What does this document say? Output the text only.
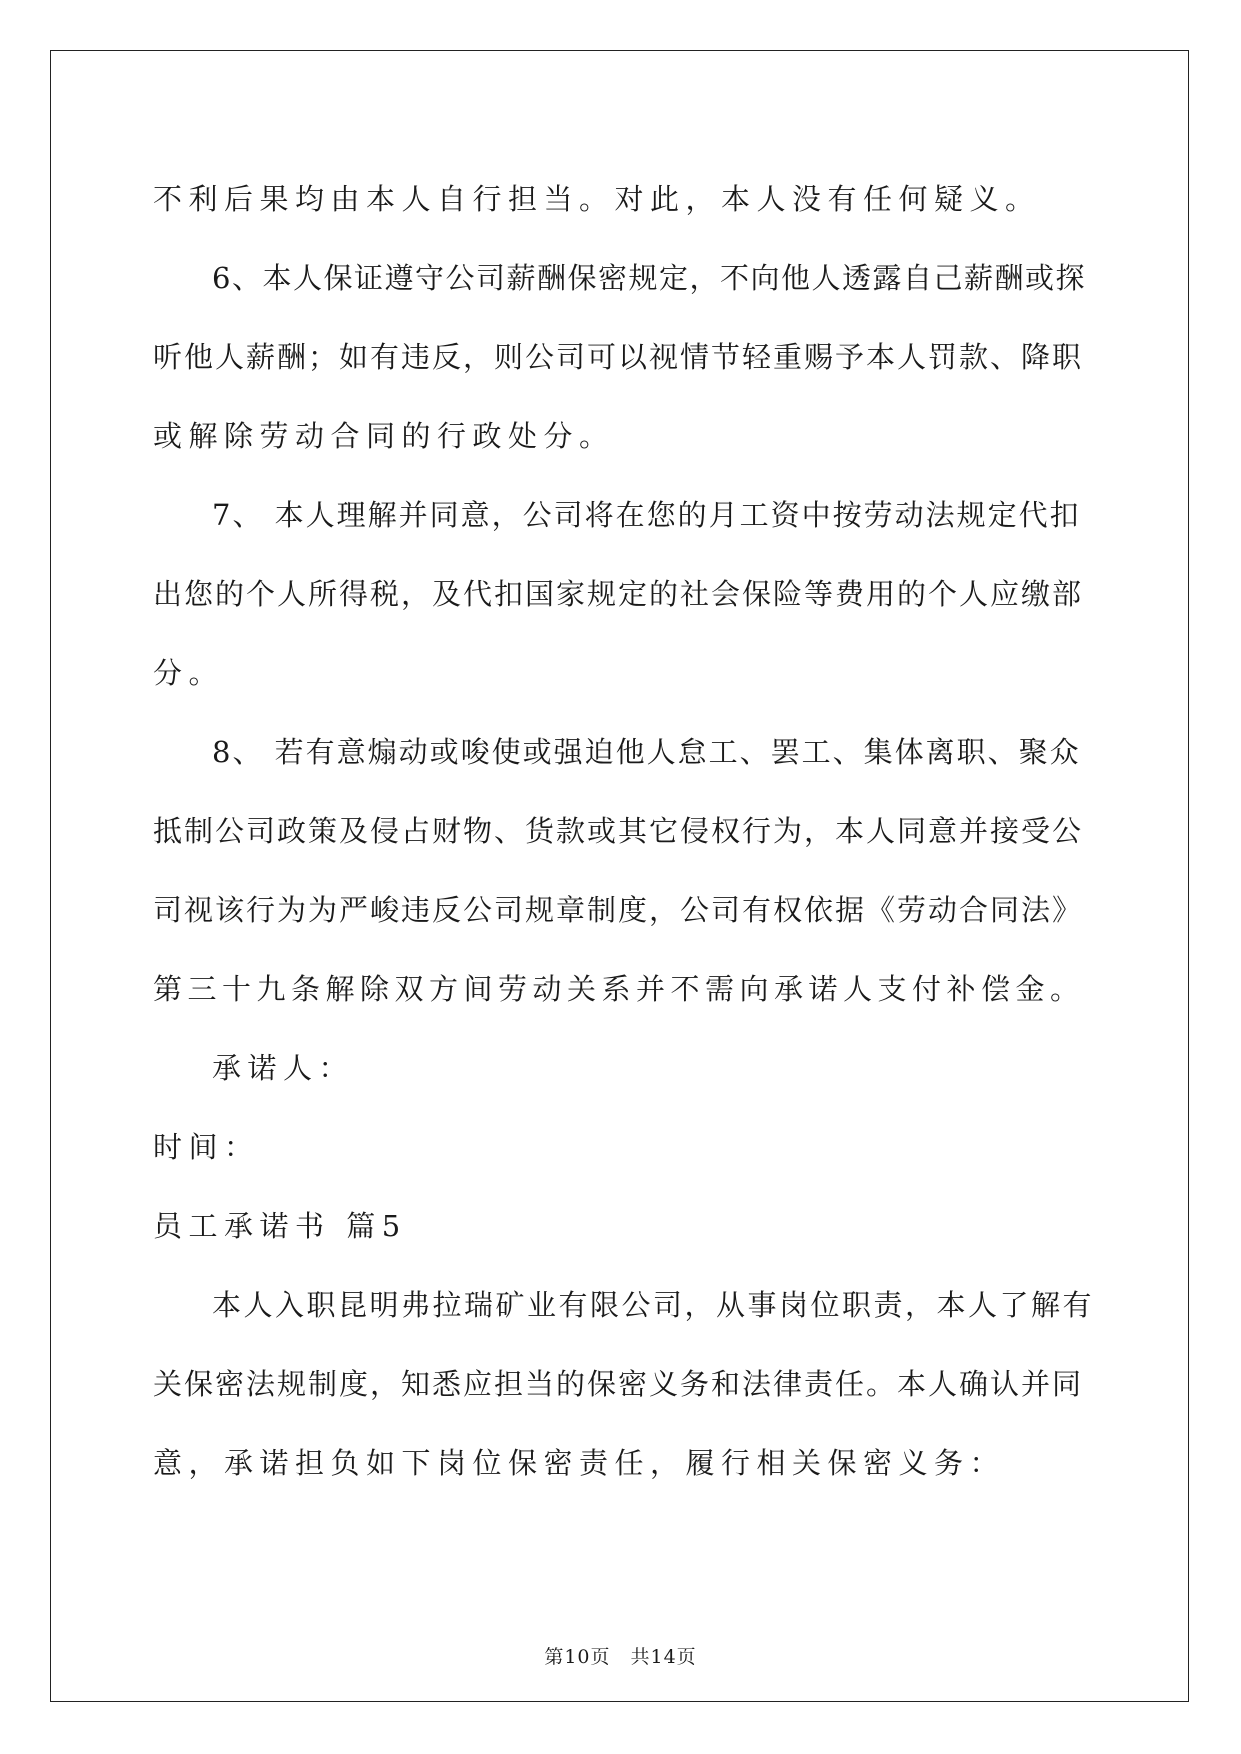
不利后果均由本人自行担当。对此，本人没有任何疑义。
6、本人保证遵守公司薪酬保密规定，不向他人透露自己薪酬或探
听他人薪酬；如有违反，则公司可以视情节轻重赐予本人罚款、降职
或解除劳动合同的行政处分。
7、 本人理解并同意，公司将在您的月工资中按劳动法规定代扣
出您的个人所得税，及代扣国家规定的社会保险等费用的个人应缴部
分。
8、 若有意煽动或唆使或强迫他人怠工、罢工、集体离职、聚众
抵制公司政策及侵占财物、货款或其它侵权行为，本人同意并接受公
司视该行为为严峻违反公司规章制度，公司有权依据《劳动合同法》
第三十九条解除双方间劳动关系并不需向承诺人支付补偿金。
承诺人：
时间：
员工承诺书 篇5
本人入职昆明弗拉瑞矿业有限公司，从事岗位职责，本人了解有
关保密法规制度，知悉应担当的保密义务和法律责任。本人确认并同
意，承诺担负如下岗位保密责任，履行相关保密义务：
第10页　共14页
